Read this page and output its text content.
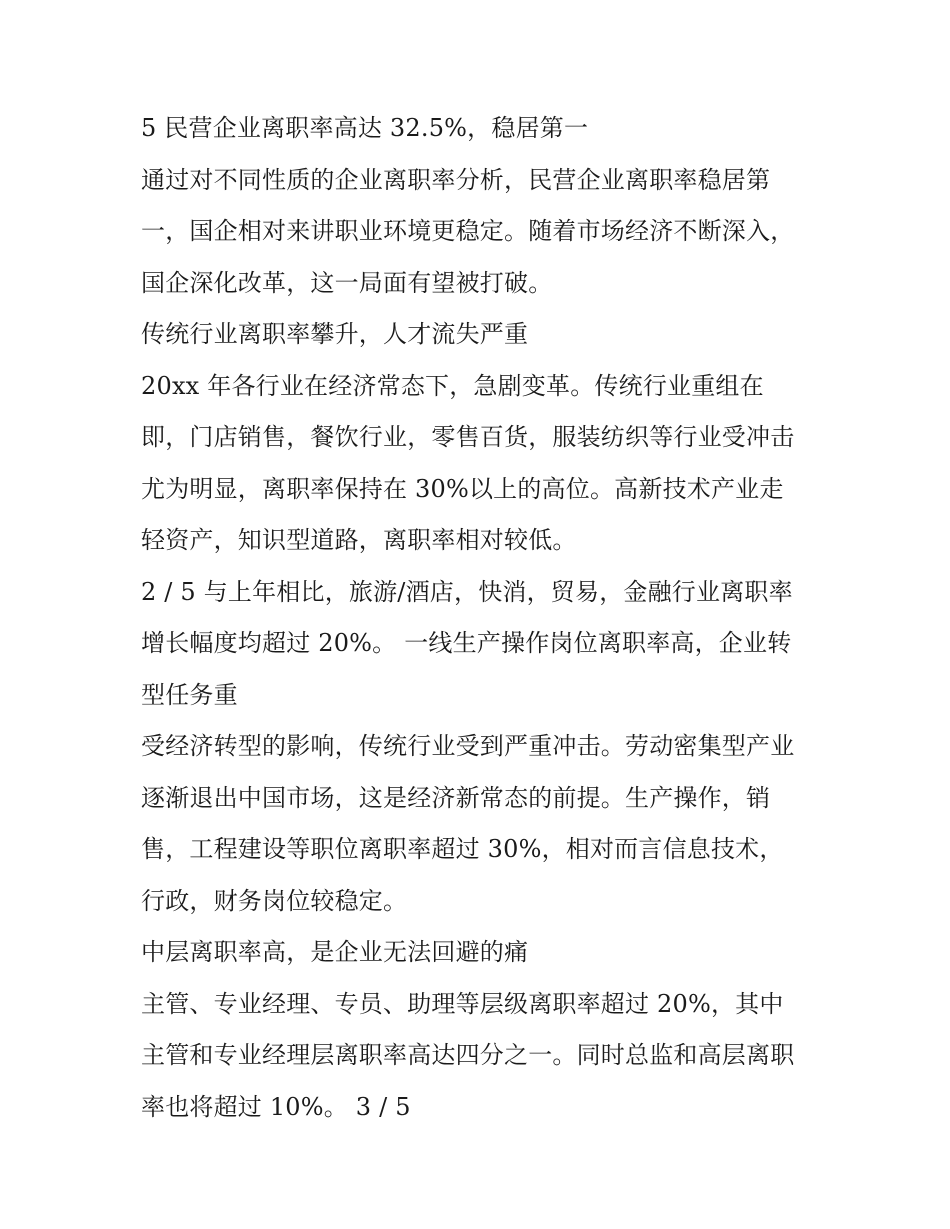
5 民营企业离职率高达 32.5%，稳居第一
通过对不同性质的企业离职率分析，民营企业离职率稳居第
一，国企相对来讲职业环境更稳定。随着市场经济不断深入，
国企深化改革，这一局面有望被打破。
传统行业离职率攀升，人才流失严重
20xx 年各行业在经济常态下，急剧变革。传统行业重组在
即，门店销售，餐饮行业，零售百货，服装纺织等行业受冲击
尤为明显，离职率保持在 30%以上的高位。高新技术产业走
轻资产，知识型道路，离职率相对较低。
2 / 5 与上年相比，旅游/酒店，快消，贸易，金融行业离职率
增长幅度均超过 20%。 一线生产操作岗位离职率高，企业转
型任务重
受经济转型的影响，传统行业受到严重冲击。劳动密集型产业
逐渐退出中国市场，这是经济新常态的前提。生产操作，销
售，工程建设等职位离职率超过 30%，相对而言信息技术，
行政，财务岗位较稳定。
中层离职率高，是企业无法回避的痛
主管、专业经理、专员、助理等层级离职率超过 20%，其中
主管和专业经理层离职率高达四分之一。同时总监和高层离职
率也将超过 10%。 3 / 5
